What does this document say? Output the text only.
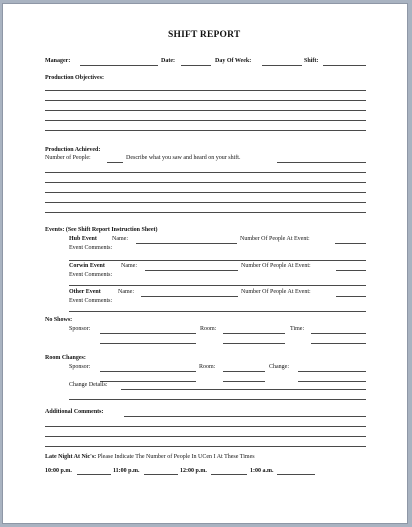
SHIFT REPORT
Manager:	Date:	Day Of Week:	Shift:
Production Objectives:
Production Achieved:
Number of People:	Describe what you saw and heard on your shift.
Events: (See Shift Report Instruction Sheet)
Hub Event	Name:	Number Of People At Event:
Event Comments:
Corwin Event	Name:	Number Of People At Event:
Event Comments:
Other Event	Name:	Number Of People At Event:
Event Comments:
No Shows:
Sponsor:	Room:	Time:
Room Changes:
Sponsor:	Room:	Change:
Change Details:
Additional Comments:
Late Night At Nic's: Please Indicate The Number of People In UCen I At These Times
10:00 p.m.	11:00 p.m.	12:00 p.m.	1:00 a.m.
